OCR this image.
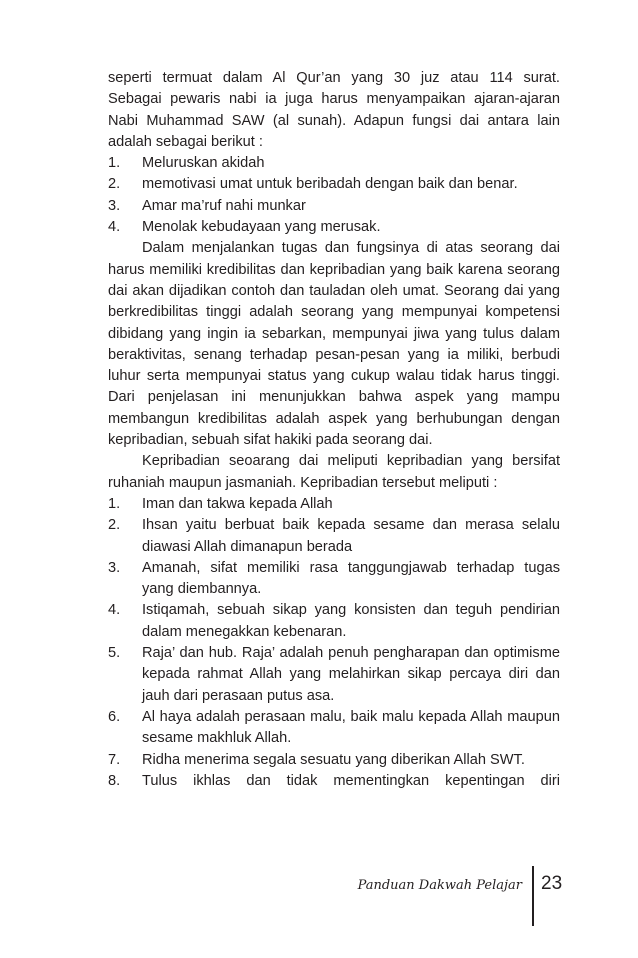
seperti termuat dalam Al Qur’an yang 30 juz atau 114 surat.

Sebagai pewaris nabi ia juga harus menyampaikan ajaran-ajaran Nabi Muhammad SAW (al sunah). Adapun fungsi dai antara lain adalah sebagai berikut :

1.	Meluruskan akidah
2.	memotivasi umat untuk beribadah dengan baik dan benar.
3.	Amar ma’ruf nahi munkar
4.	Menolak kebudayaan yang merusak.

Dalam menjalankan tugas dan fungsinya di atas seorang dai harus memiliki kredibilitas dan kepribadian yang baik karena seorang dai akan dijadikan contoh dan tauladan oleh umat. Seorang dai yang berkredibilitas tinggi adalah seorang yang mempunyai kompetensi dibidang yang ingin ia sebarkan, mempunyai jiwa yang tulus dalam beraktivitas, senang terhadap pesan-pesan yang ia miliki, berbudi luhur serta mempunyai status yang cukup walau tidak harus tinggi. Dari penjelasan ini menunjukkan bahwa aspek yang mampu membangun kredibilitas adalah aspek yang berhubungan dengan kepribadian, sebuah sifat hakiki pada seorang dai.

Kepribadian seoarang dai meliputi kepribadian yang bersifat ruhaniah maupun jasmaniah. Kepribadian tersebut meliputi :

1.	Iman dan takwa kepada Allah
2.	Ihsan yaitu berbuat baik kepada sesame dan merasa selalu diawasi Allah dimanapun berada
3.	Amanah, sifat memiliki rasa tanggungjawab terhadap tugas yang diembannya.
4.	Istiqamah, sebuah sikap yang konsisten dan teguh pendirian dalam menegakkan kebenaran.
5.	Raja’ dan hub. Raja’ adalah penuh pengharapan dan optimisme kepada rahmat Allah yang melahirkan sikap percaya diri dan jauh dari perasaan putus asa.
6.	Al haya adalah perasaan malu, baik malu kepada Allah maupun sesame makhluk Allah.
7.	Ridha menerima segala sesuatu yang diberikan Allah SWT.
8.	Tulus ikhlas dan tidak mementingkan kepentingan diri
Panduan Dakwah Pelajar 23
